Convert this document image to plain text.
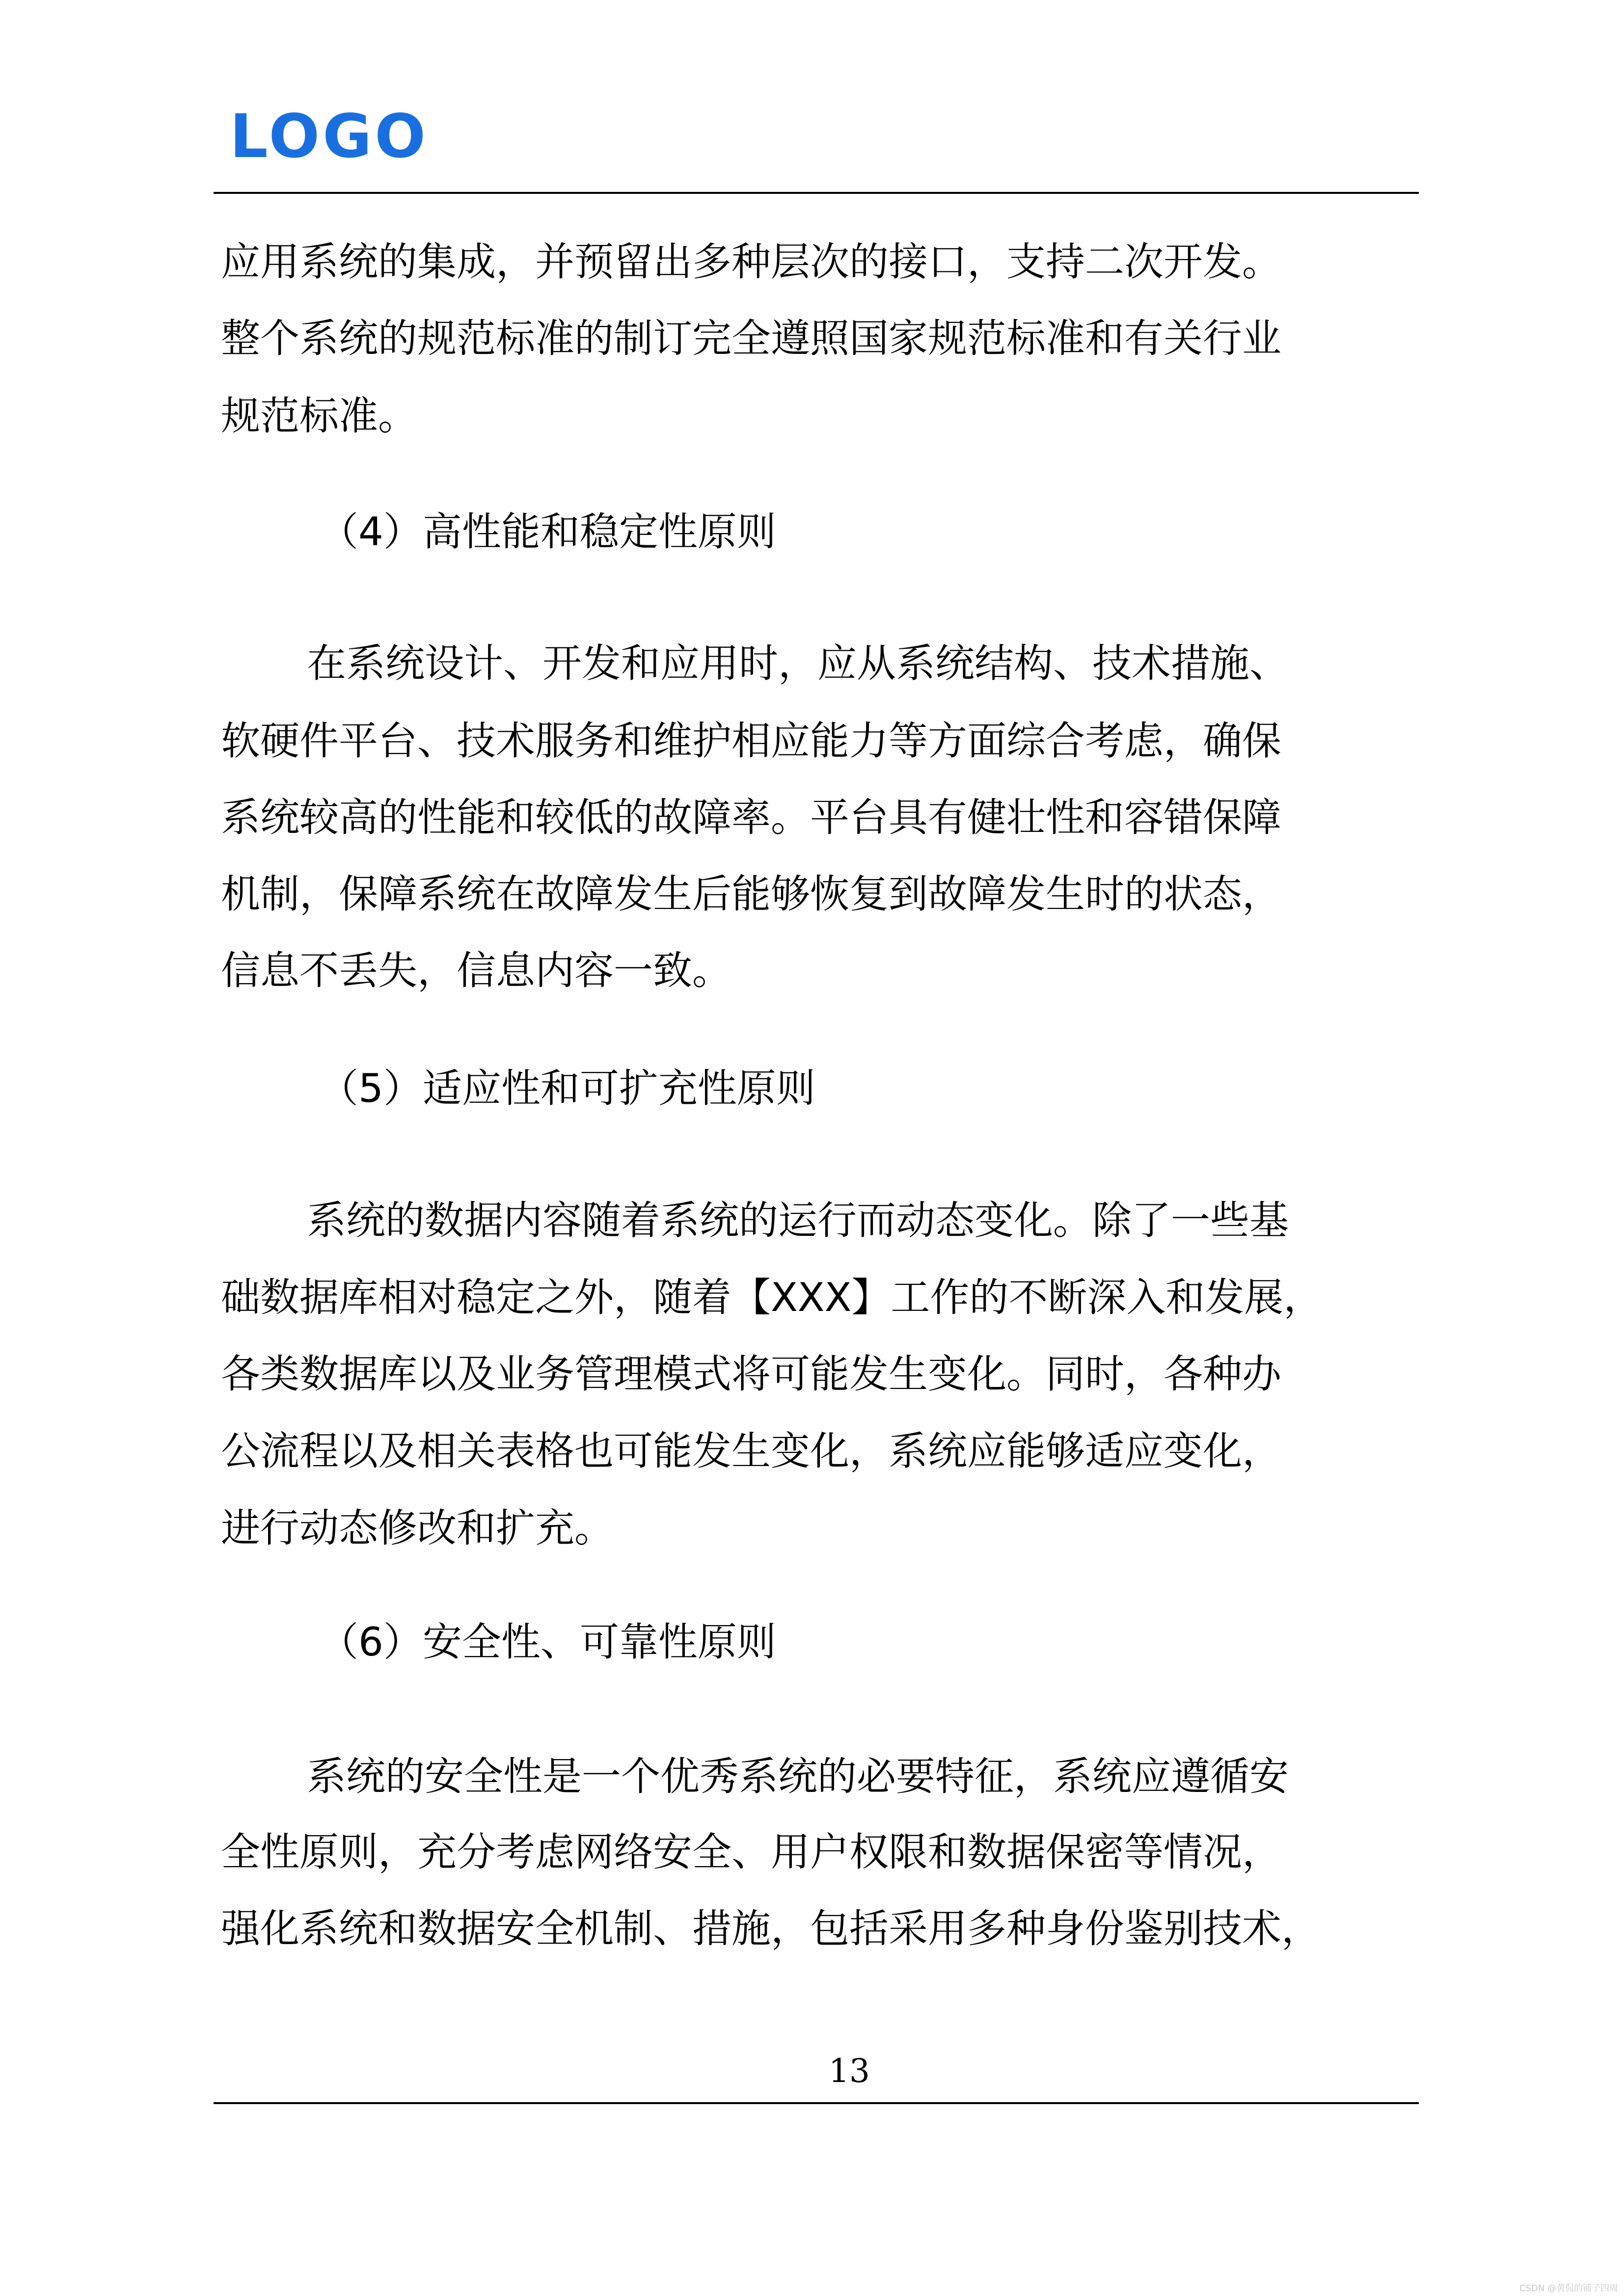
LOGO
应用系统的集成，并预留出多种层次的接口，支持二次开发。
整个系统的规范标准的制订完全遵照国家规范标准和有关行业
规范标准。
（4）高性能和稳定性原则
在系统设计、开发和应用时，应从系统结构、技术措施、
软硬件平台、技术服务和维护相应能力等方面综合考虑，确保
系统较高的性能和较低的故障率。平台具有健壮性和容错保障
机制，保障系统在故障发生后能够恢复到故障发生时的状态，
信息不丢失，信息内容一致。
（5）适应性和可扩充性原则
系统的数据内容随着系统的运行而动态变化。除了一些基
础数据库相对稳定之外，随着【XXX】工作的不断深入和发展，
各类数据库以及业务管理模式将可能发生变化。同时，各种办
公流程以及相关表格也可能发生变化，系统应能够适应变化，
进行动态修改和扩充。
（6）安全性、可靠性原则
系统的安全性是一个优秀系统的必要特征，系统应遵循安
全性原则，充分考虑网络安全、用户权限和数据保密等情况，
强化系统和数据安全机制、措施，包括采用多种身份鉴别技术，
13
CSDN @黄侃的铺子四周
